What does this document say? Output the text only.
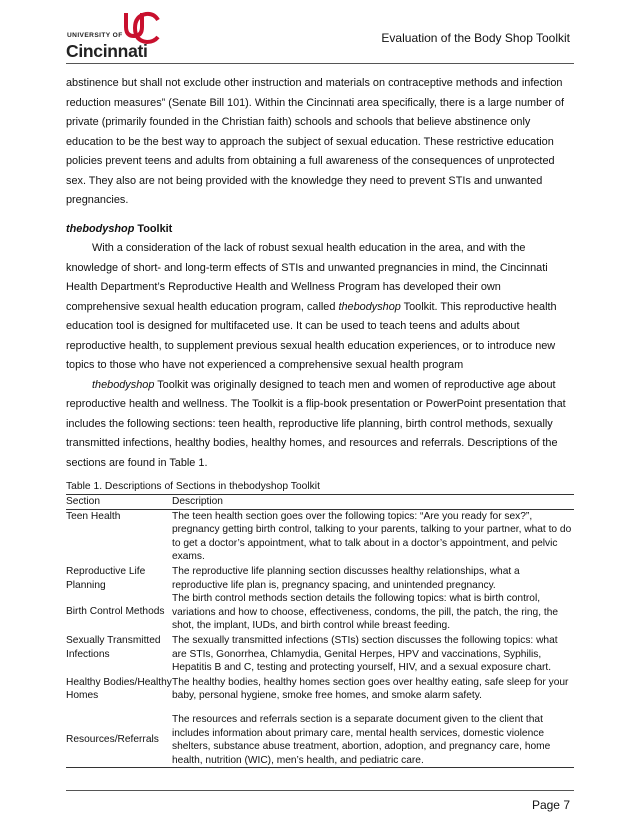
UNIVERSITY OF
Cincinnati
Evaluation of the Body Shop Toolkit

abstinence but shall not exclude other instruction and materials on contraceptive methods and infection reduction measures” (Senate Bill 101). Within the Cincinnati area specifically, there is a large number of private (primarily founded in the Christian faith) schools and schools that believe abstinence only education to be the best way to approach the subject of sexual education. These restrictive education policies prevent teens and adults from obtaining a full awareness of the consequences of unprotected sex. They also are not being provided with the knowledge they need to prevent STIs and unwanted pregnancies.

thebodyshop Toolkit

With a consideration of the lack of robust sexual health education in the area, and with the knowledge of short- and long-term effects of STIs and unwanted pregnancies in mind, the Cincinnati Health Department’s Reproductive Health and Wellness Program has developed their own comprehensive sexual health education program, called thebodyshop Toolkit. This reproductive health education tool is designed for multifaceted use. It can be used to teach teens and adults about reproductive health, to supplement previous sexual health education experiences, or to introduce new topics to those who have not experienced a comprehensive sexual health program

thebodyshop Toolkit was originally designed to teach men and women of reproductive age about reproductive health and wellness. The Toolkit is a flip-book presentation or PowerPoint presentation that includes the following sections: teen health, reproductive life planning, birth control methods, sexually transmitted infections, healthy bodies, healthy homes, and resources and referrals. Descriptions of the sections are found in Table 1.

Table 1. Descriptions of Sections in thebodyshop Toolkit

Section	Description
Teen Health	The teen health section goes over the following topics: “Are you ready for sex?”, pregnancy getting birth control, talking to your parents, talking to your partner, what to do to get a doctor’s appointment, what to talk about in a doctor’s appointment, and pelvic exams.
Reproductive Life Planning	The reproductive life planning section discusses healthy relationships, what a reproductive life plan is, pregnancy spacing, and unintended pregnancy.
Birth Control Methods	The birth control methods section details the following topics: what is birth control, variations and how to choose, effectiveness, condoms, the pill, the patch, the ring, the shot, the implant, IUDs, and birth control while breast feeding.
Sexually Transmitted Infections	The sexually transmitted infections (STIs) section discusses the following topics: what are STIs, Gonorrhea, Chlamydia, Genital Herpes, HPV and vaccinations, Syphilis, Hepatitis B and C, testing and protecting yourself, HIV, and a sexual exposure chart.
Healthy Bodies/Healthy Homes	The healthy bodies, healthy homes section goes over healthy eating, safe sleep for your baby, personal hygiene, smoke free homes, and smoke alarm safety.
Resources/Referrals	The resources and referrals section is a separate document given to the client that includes information about primary care, mental health services, domestic violence shelters, substance abuse treatment, abortion, adoption, and pregnancy care, home health, nutrition (WIC), men’s health, and pediatric care.
Page 7
